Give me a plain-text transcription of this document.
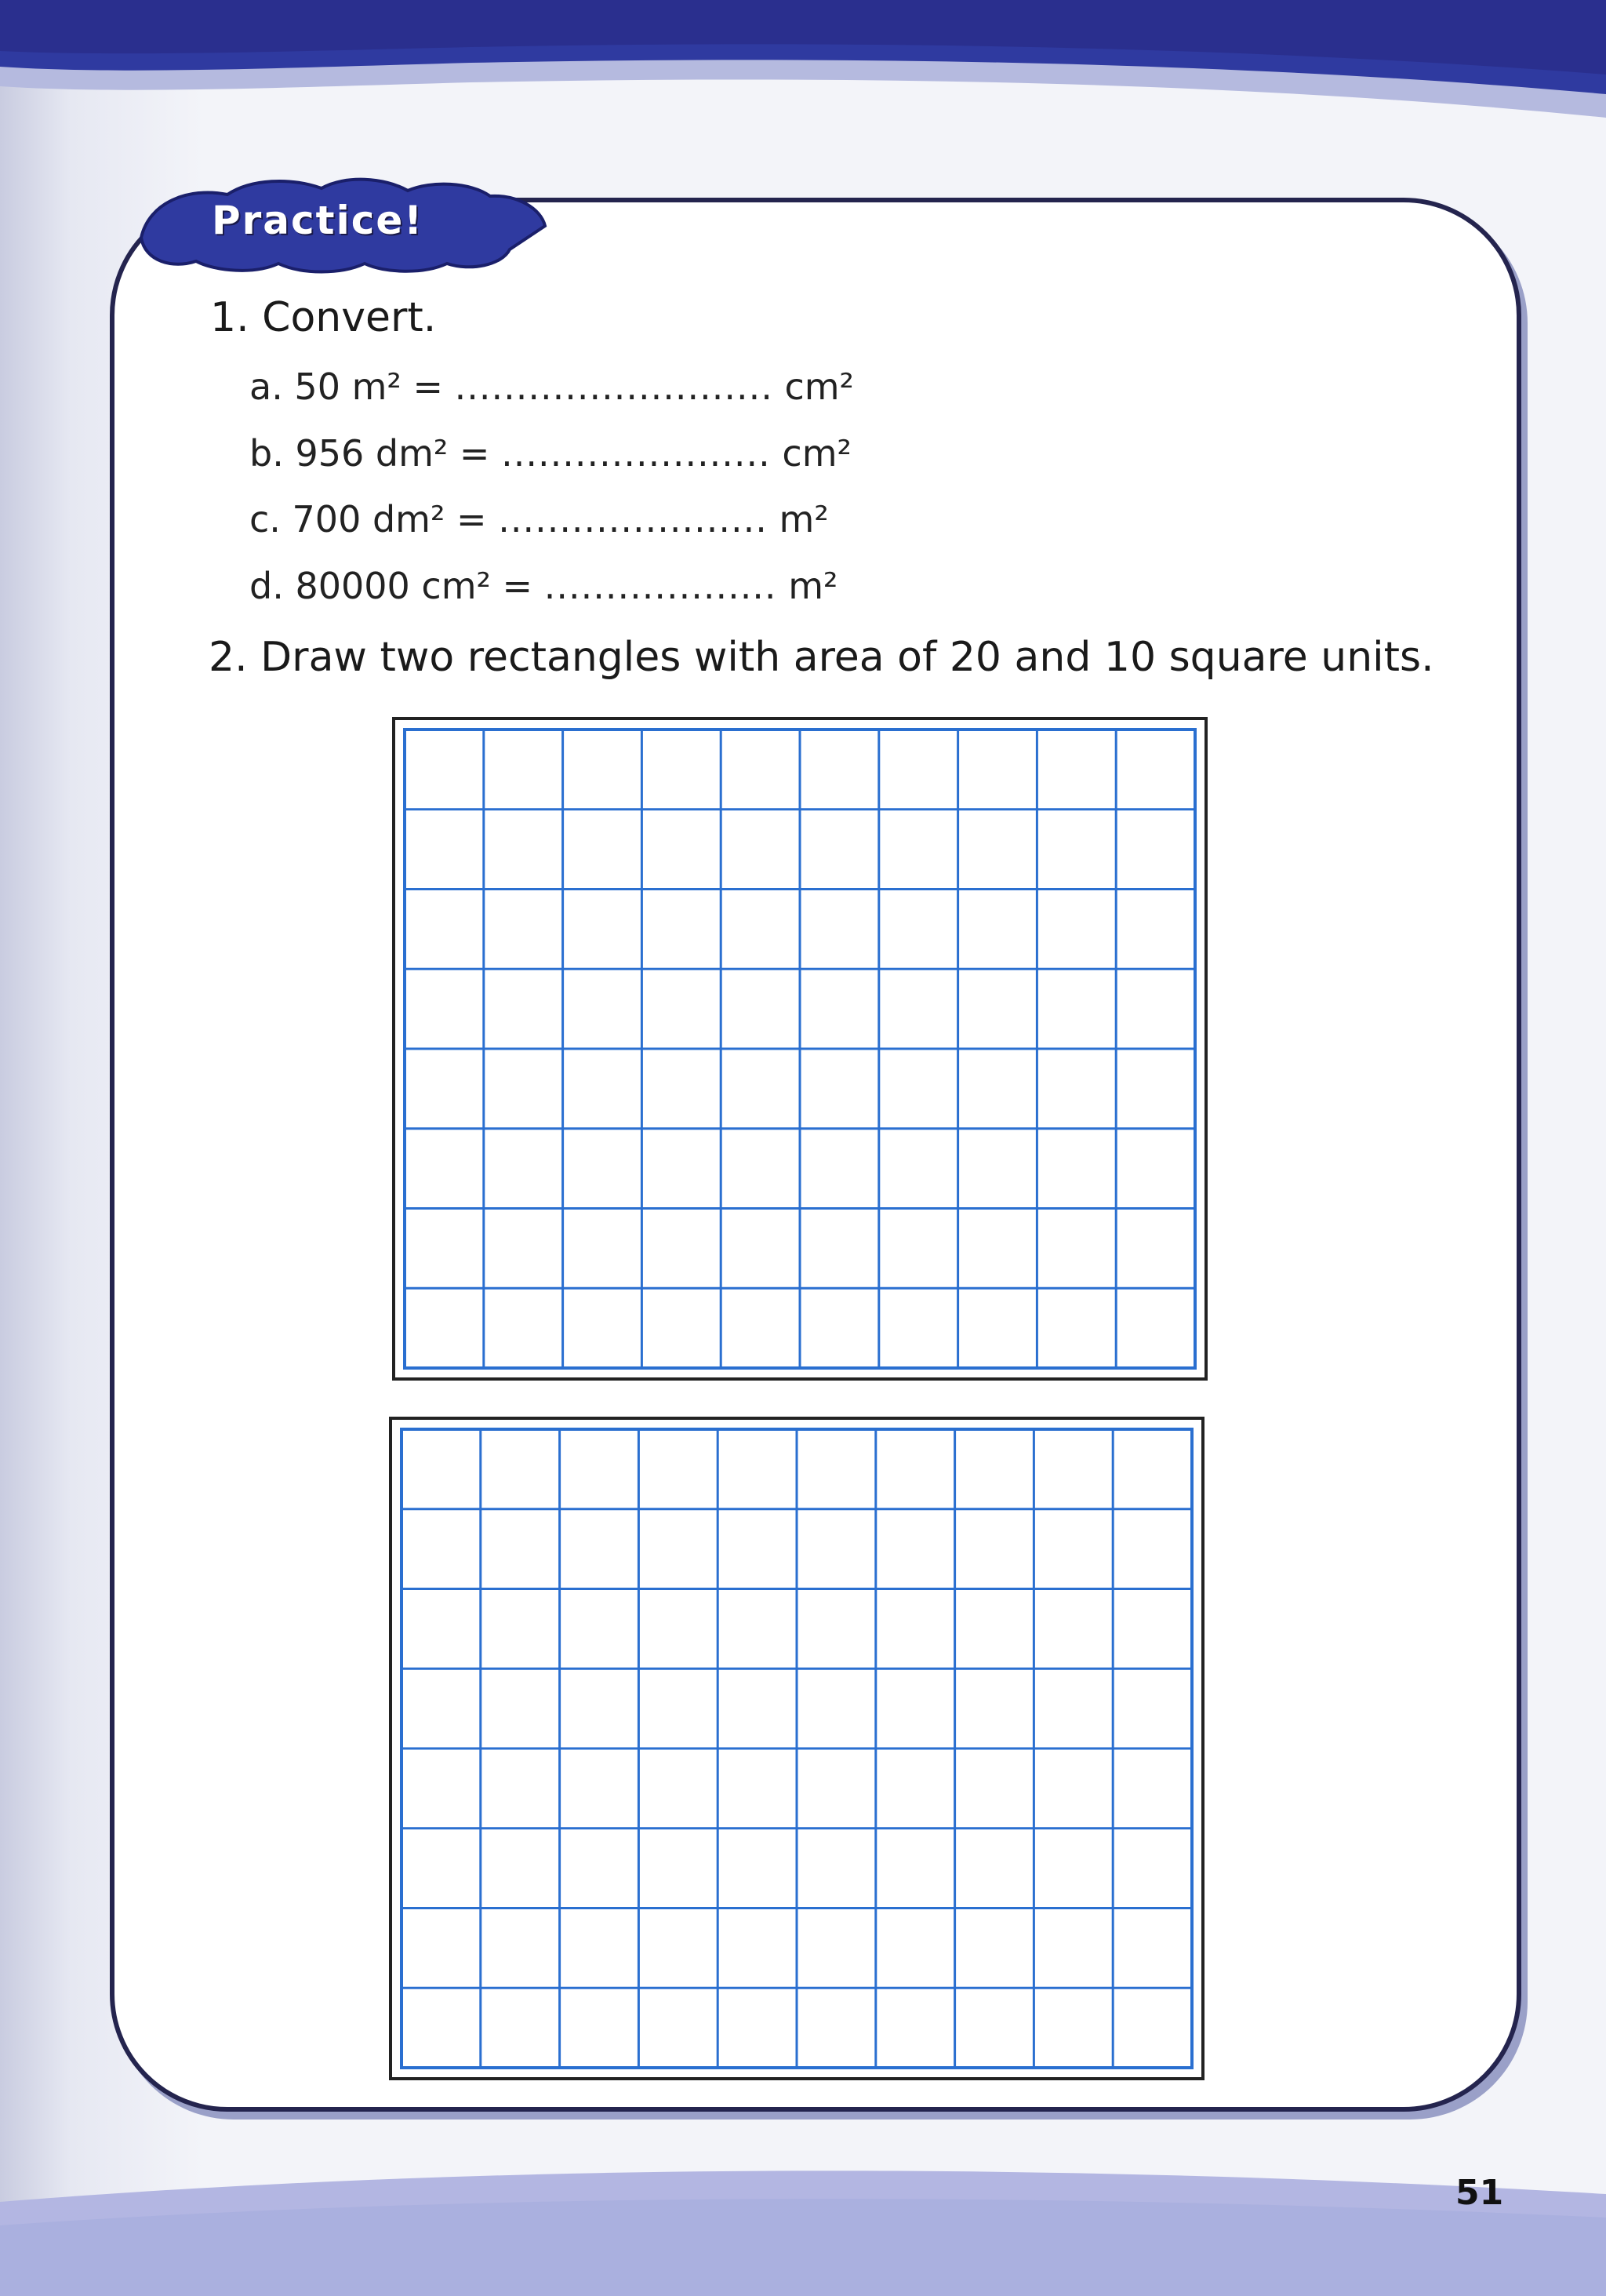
Practice!
1. Convert.
a. 50 m² = .......................... cm²
b. 956 dm² = ...................... cm²
c. 700 dm² = ...................... m²
d. 80000 cm² = ................... m²
2. Draw two rectangles with area of 20 and 10 square units.
51
